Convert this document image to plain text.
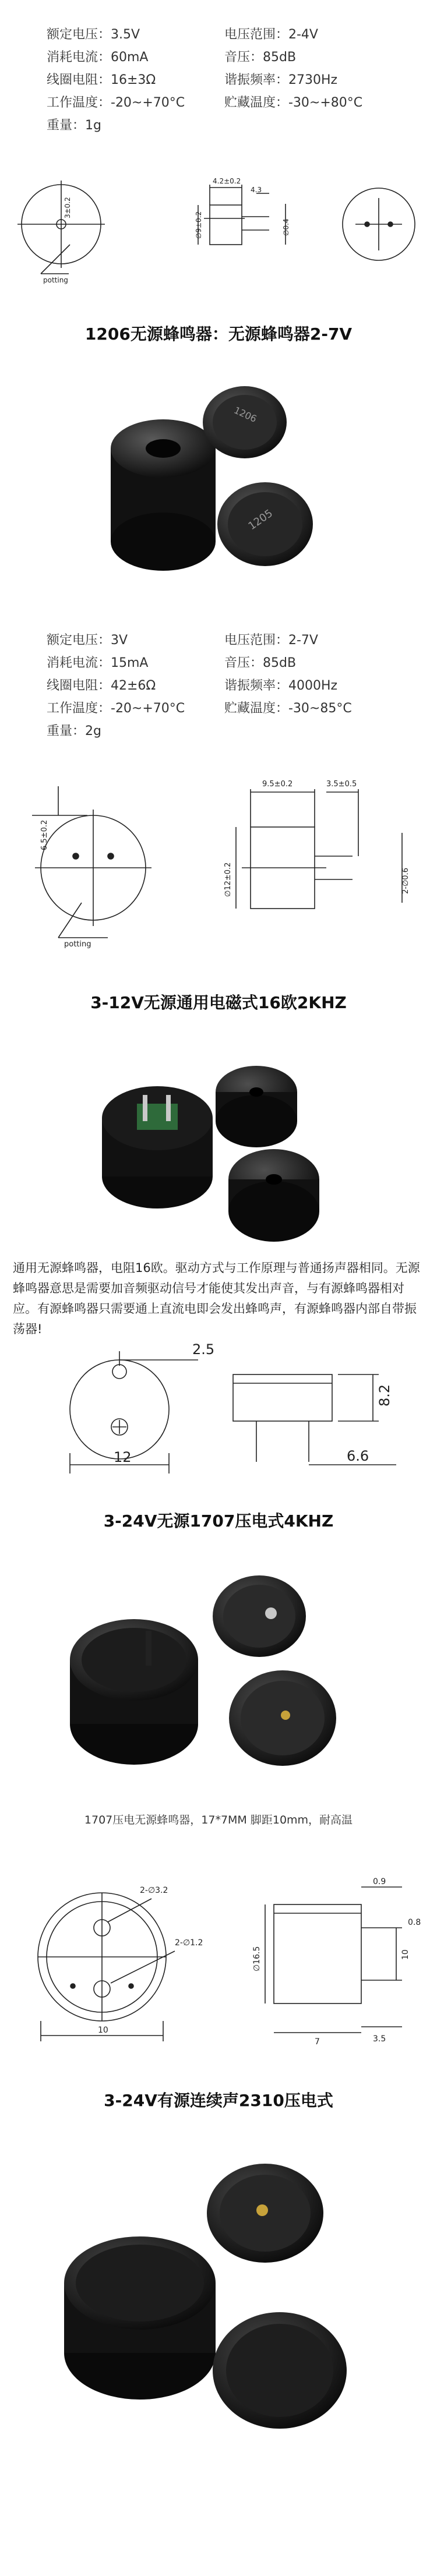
额定电压：3.5V	电压范围：2-4V
消耗电流：60mA	音压：85dB
线圈电阻：16±3Ω	谐振频率：2730Hz
工作温度：-20~+70°C	贮藏温度：-30~+80°C
重量：1g
3±0.2
4.2±0.2
4.3
∅9±0.2	∅0.4
potting
1206无源蜂鸣器：无源蜂鸣器2-7V
1206
1205
额定电压：3V	电压范围：2-7V
消耗电流：15mA	音压：85dB
线圈电阻：42±6Ω	谐振频率：4000Hz
工作温度：-20~+70°C	贮藏温度：-30~85°C
重量：2g
6.5±0.2
9.5±0.2	3.5±0.5
∅12±0.2	2-∅0.6
potting
3-12V无源通用电磁式16欧2KHZ
通用无源蜂鸣器，电阻16欧。驱动方式与工作原理与普通扬声器相同。无源蜂鸣器意思是需要加音频驱动信号才能使其发出声音，与有源蜂鸣器相对应。有源蜂鸣器只需要通上直流电即会发出蜂鸣声，有源蜂鸣器内部自带振荡器!
2.5
12
8.2
6.6
3-24V无源1707压电式4KHZ
1707压电无源蜂鸣器，17*7MM 脚距10mm，耐高温
2-∅3.2
2-∅1.2
10
0.9
∅16.5	10
0.8
7	3.5
3-24V有源连续声2310压电式
